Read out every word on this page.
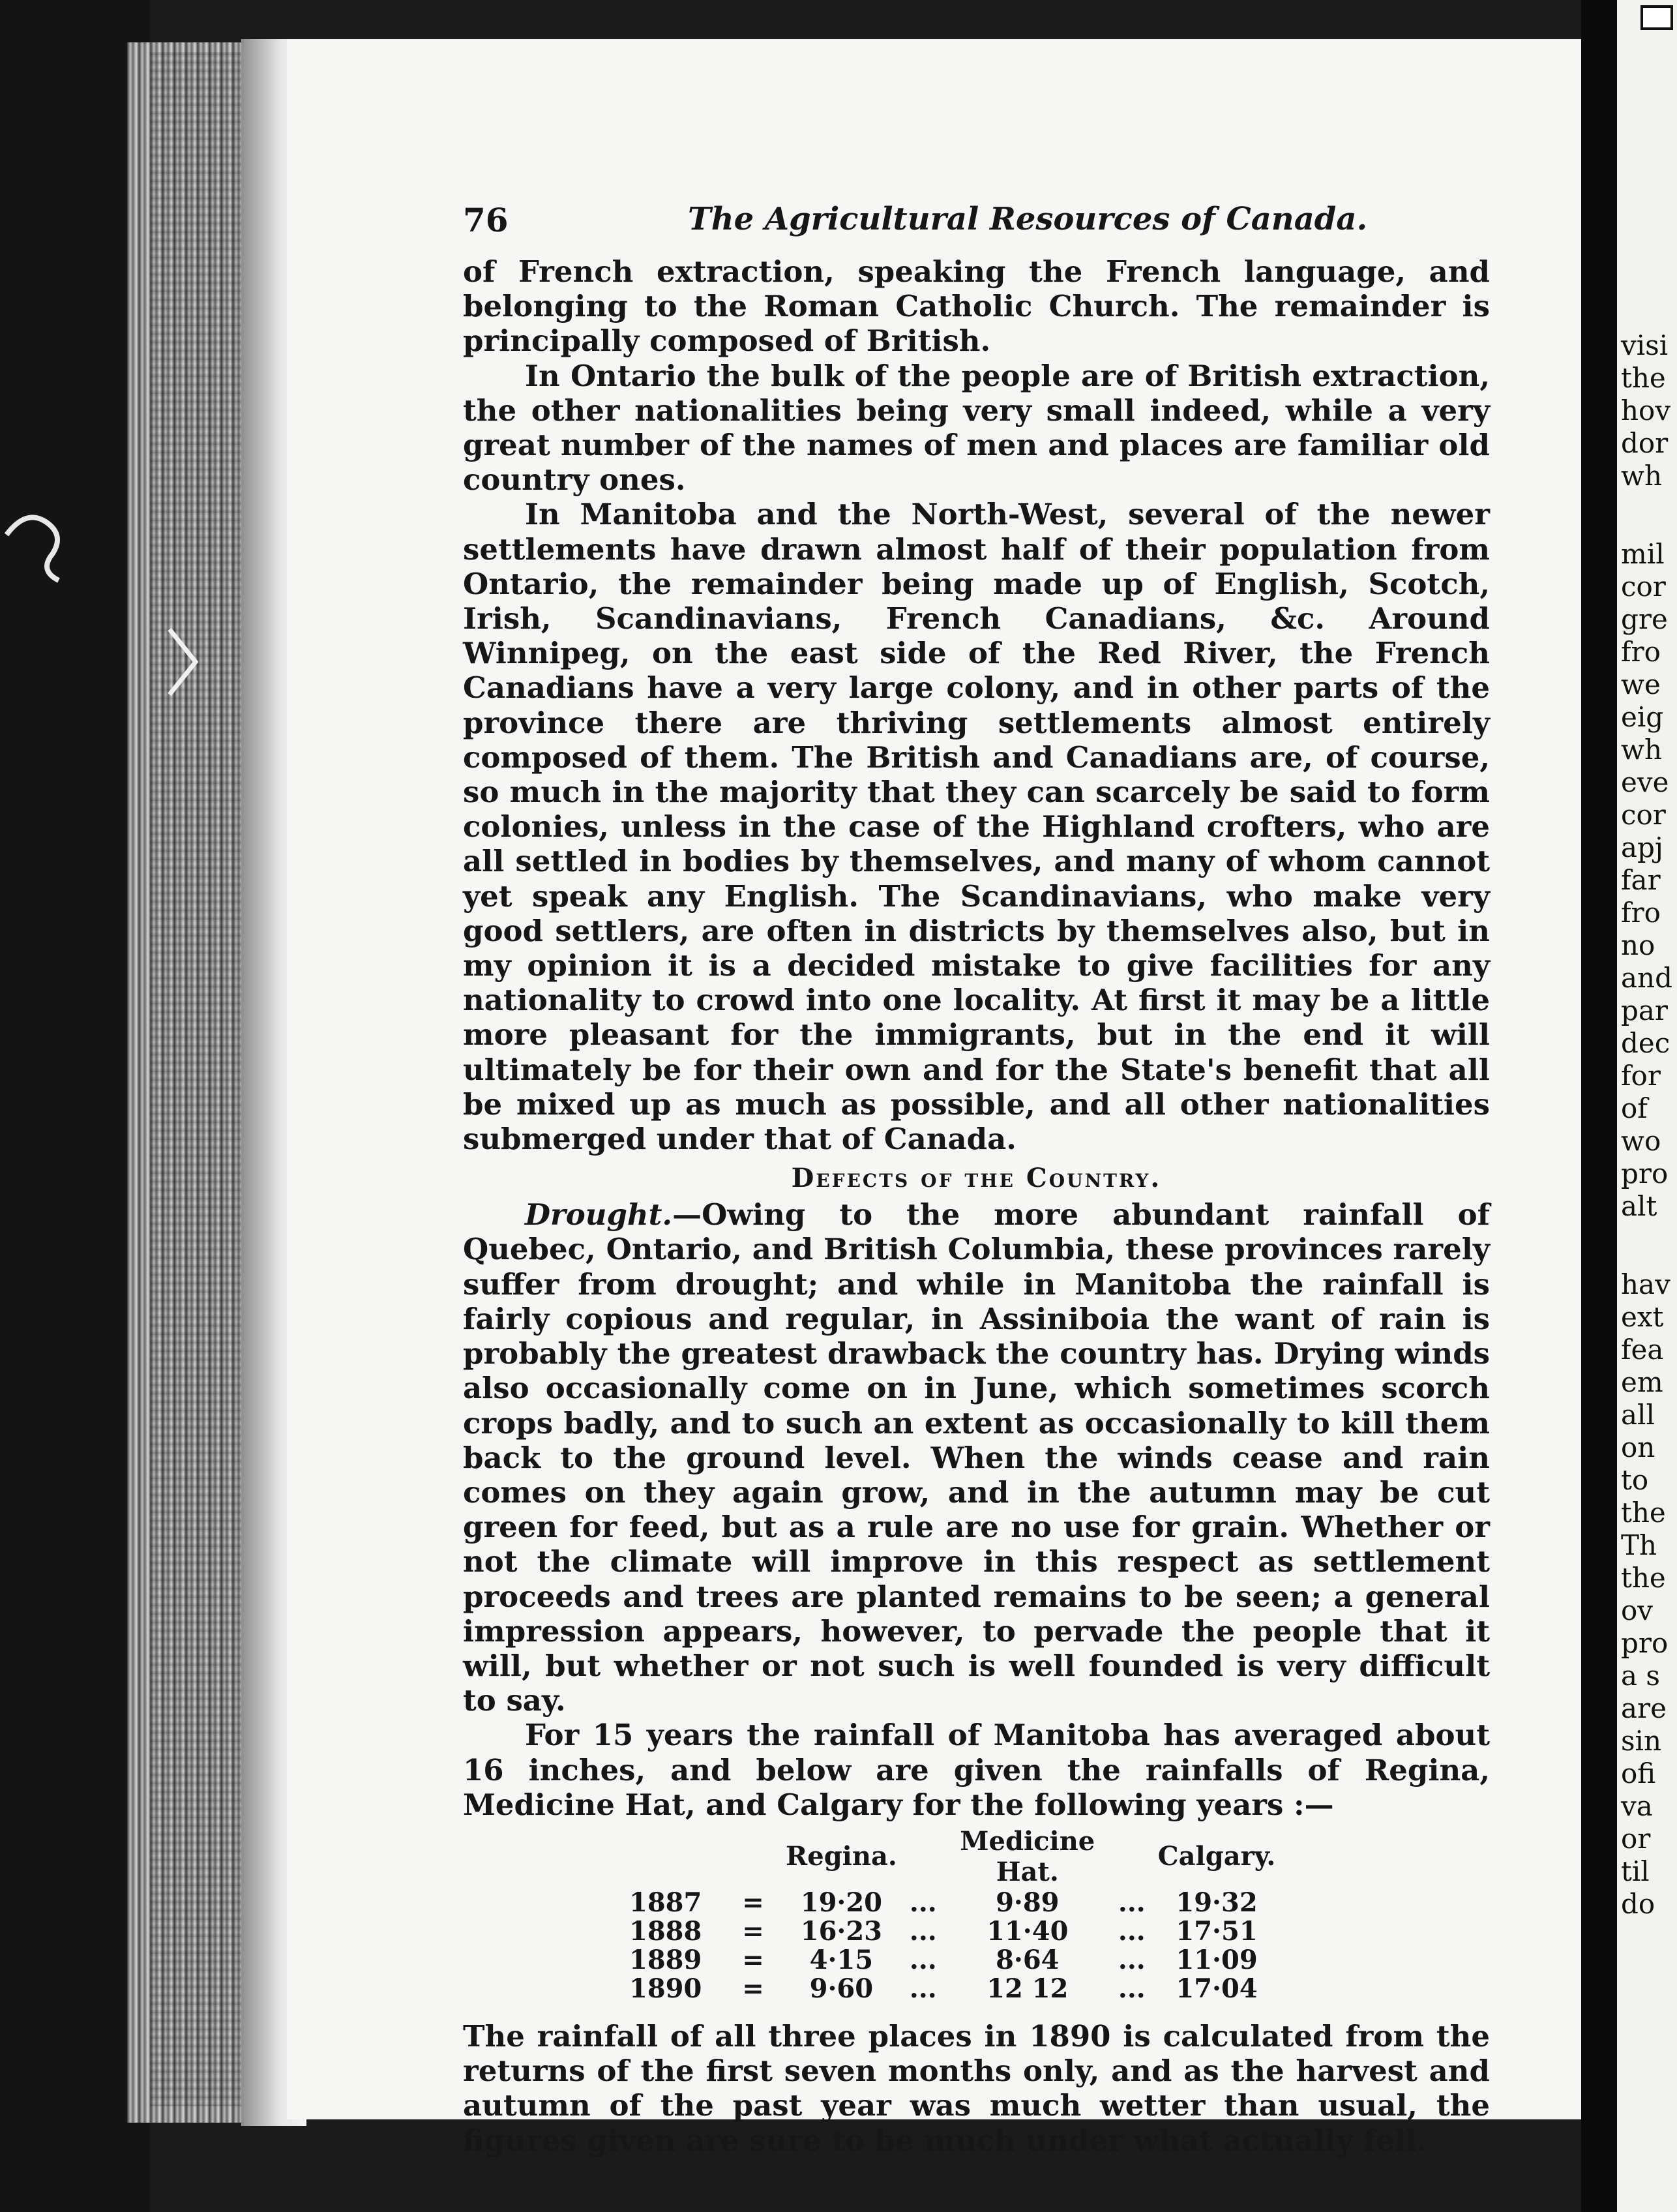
visi
the
hov
dor
wh
mil
cor
gre
fro
we
eig
wh
eve
cor
apj
far
fro
no
and
par
dec
for
of
wo
pro
alt
hav
ext
fea
em
all
on
to
the
Th
the
ov
pro
a s
are
sin
ofi
va
or
til
do
76	The Agricultural Resources of Canada.

of French extraction, speaking the French language, and belonging to the Roman Catholic Church. The remainder is principally composed of British.

In Ontario the bulk of the people are of British extraction, the other nationalities being very small indeed, while a very great number of the names of men and places are familiar old country ones.

In Manitoba and the North-West, several of the newer settlements have drawn almost half of their population from Ontario, the remainder being made up of English, Scotch, Irish, Scandinavians, French Canadians, &c. Around Winnipeg, on the east side of the Red River, the French Canadians have a very large colony, and in other parts of the province there are thriving settlements almost entirely composed of them. The British and Canadians are, of course, so much in the majority that they can scarcely be said to form colonies, unless in the case of the Highland crofters, who are all settled in bodies by themselves, and many of whom cannot yet speak any English. The Scandinavians, who make very good settlers, are often in districts by themselves also, but in my opinion it is a decided mistake to give facilities for any nationality to crowd into one locality. At first it may be a little more pleasant for the immigrants, but in the end it will ultimately be for their own and for the State's benefit that all be mixed up as much as possible, and all other nationalities submerged under that of Canada.

Defects of the Country.

Drought.—Owing to the more abundant rainfall of Quebec, Ontario, and British Columbia, these provinces rarely suffer from drought; and while in Manitoba the rainfall is fairly copious and regular, in Assiniboia the want of rain is probably the greatest drawback the country has. Drying winds also occasionally come on in June, which sometimes scorch crops badly, and to such an extent as occasionally to kill them back to the ground level. When the winds cease and rain comes on they again grow, and in the autumn may be cut green for feed, but as a rule are no use for grain. Whether or not the climate will improve in this respect as settlement proceeds and trees are planted remains to be seen; a general impression appears, however, to pervade the people that it will, but whether or not such is well founded is very difficult to say.

For 15 years the rainfall of Manitoba has averaged about 16 inches, and below are given the rainfalls of Regina, Medicine Hat, and Calgary for the following years :—

		Regina.		Medicine Hat.		Calgary.
1887	=	19·20	...	9·89	...	19·32
1888	=	16·23	...	11·40	...	17·51
1889	=	4·15	...	8·64	...	11·09
1890	=	9·60	...	12 12	...	17·04

The rainfall of all three places in 1890 is calculated from the returns of the first seven months only, and as the harvest and autumn of the past year was much wetter than usual, the figures given are sure to be much under what actually fell.
